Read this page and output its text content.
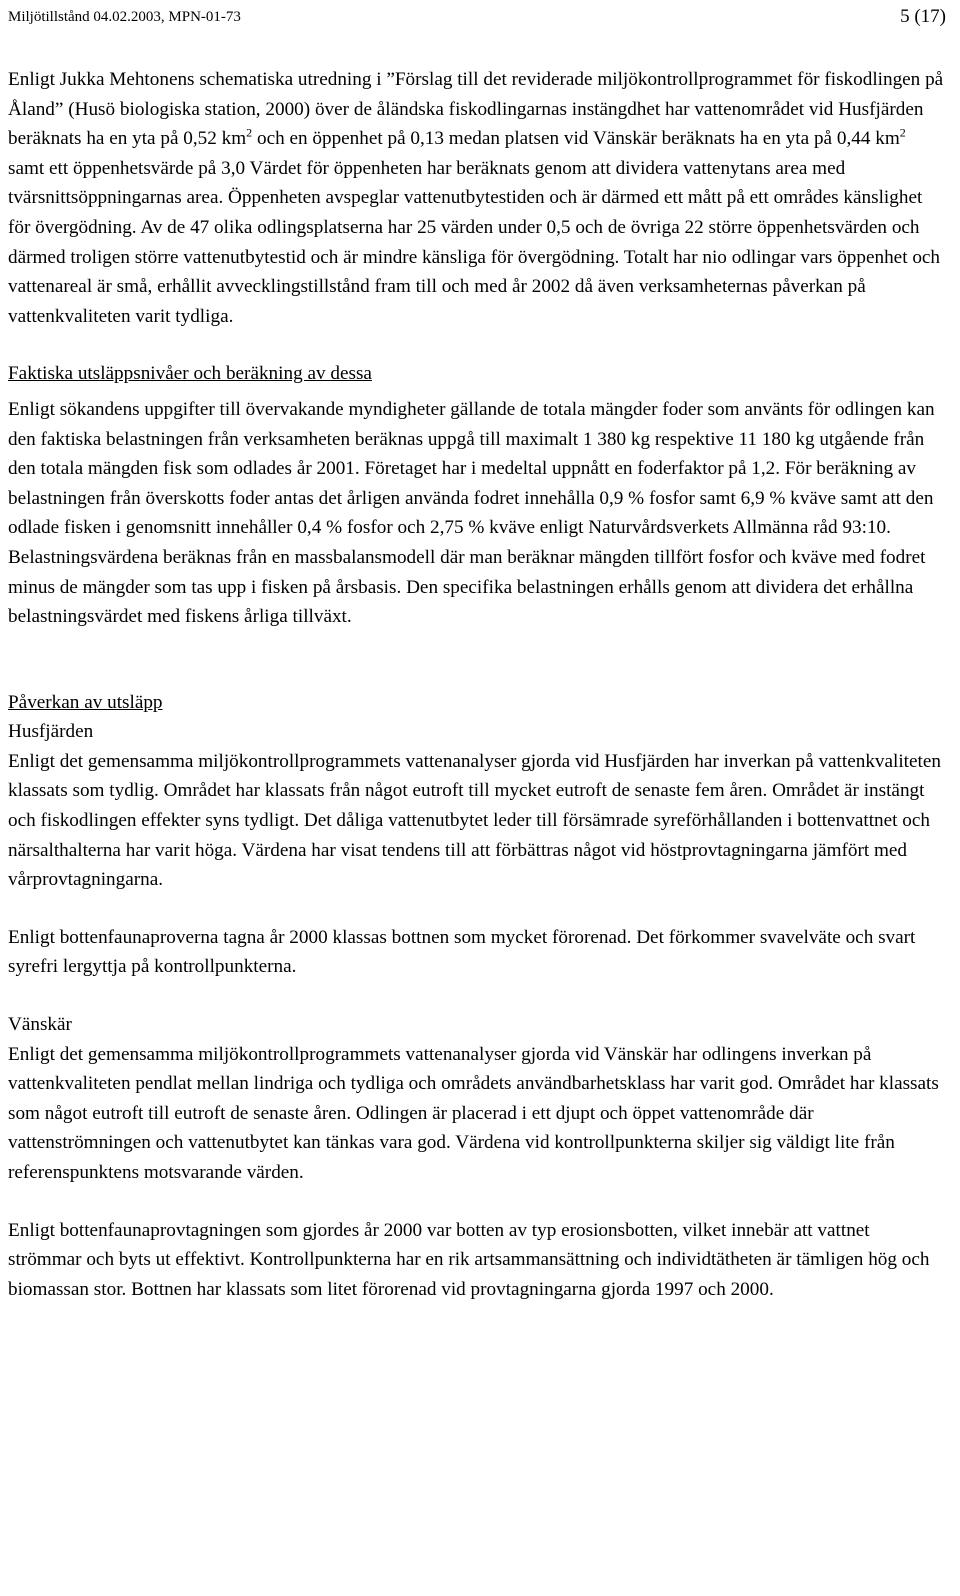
Miljötillstånd 04.02.2003, MPN-01-73	5 (17)

Enligt Jukka Mehtonens schematiska utredning i ”Förslag till det reviderade miljökontrollprogrammet för fiskodlingen på Åland” (Husö biologiska station, 2000) över de åländska fiskodlingarnas instängdhet har vattenområdet vid Husfjärden beräknats ha en yta på 0,52 $km^2$ och en öppenhet på 0,13 medan platsen vid Vänskär beräknats ha en yta på 0,44 $km^2$ samt ett öppenhetsvärde på 3,0 Värdet för öppenheten har beräknats genom att dividera vattenytans area med tvärsnittsöppningarnas area. Öppenheten avspeglar vattenutbytestiden och är därmed ett mått på ett områdes känslighet för övergödning. Av de 47 olika odlingsplatserna har 25 värden under 0,5 och de övriga 22 större öppenhetsvärden och därmed troligen större vattenutbytestid och är mindre känsliga för övergödning. Totalt har nio odlingar vars öppenhet och vattenareal är små, erhållit avvecklingstillstånd fram till och med år 2002 då även verksamheternas påverkan på vattenkvaliteten varit tydliga.

Faktiska utsläppsnivåer och beräkning av dessa

Enligt sökandens uppgifter till övervakande myndigheter gällande de totala mängder foder som använts för odlingen kan den faktiska belastningen från verksamheten beräknas uppgå till maximalt 1 380 kg respektive 11 180 kg utgående från den totala mängden fisk som odlades år 2001. Företaget har i medeltal uppnått en foderfaktor på 1,2. För beräkning av belastningen från överskotts foder antas det årligen använda fodret innehålla 0,9 % fosfor samt 6,9 % kväve samt att den odlade fisken i genomsnitt innehåller 0,4 % fosfor och 2,75 % kväve enligt Naturvårdsverkets Allmänna råd 93:10. Belastningsvärdena beräknas från en massbalansmodell där man beräknar mängden tillfört fosfor och kväve med fodret minus de mängder som tas upp i fisken på årsbasis. Den specifika belastningen erhålls genom att dividera det erhållna belastningsvärdet med fiskens årliga tillväxt.

Påverkan av utsläpp

Husfjärden

Enligt det gemensamma miljökontrollprogrammets vattenanalyser gjorda vid Husfjärden har inverkan på vattenkvaliteten klassats som tydlig. Området har klassats från något eutroft till mycket eutroft de senaste fem åren. Området är instängt och fiskodlingen effekter syns tydligt. Det dåliga vattenutbytet leder till försämrade syreförhållanden i bottenvattnet och närsalthalterna har varit höga. Värdena har visat tendens till att förbättras något vid höstprovtagningarna jämfört med vårprovtagningarna.

Enligt bottenfaunaproverna tagna år 2000 klassas bottnen som mycket förorenad. Det förkommer svavelväte och svart syrefri lergyttja på kontrollpunkterna.

Vänskär

Enligt det gemensamma miljökontrollprogrammets vattenanalyser gjorda vid Vänskär har odlingens inverkan på vattenkvaliteten pendlat mellan lindriga och tydliga och områdets användbarhetsklass har varit god. Området har klassats som något eutroft till eutroft de senaste åren. Odlingen är placerad i ett djupt och öppet vattenområde där vattenströmningen och vattenutbytet kan tänkas vara god. Värdena vid kontrollpunkterna skiljer sig väldigt lite från referenspunktens motsvarande värden.

Enligt bottenfaunaprovtagningen som gjordes år 2000 var botten av typ erosionsbotten, vilket innebär att vattnet strömmar och byts ut effektivt. Kontrollpunkterna har en rik artsammansättning och individtätheten är tämligen hög och biomassan stor. Bottnen har klassats som litet förorenad vid provtagningarna gjorda 1997 och 2000.
